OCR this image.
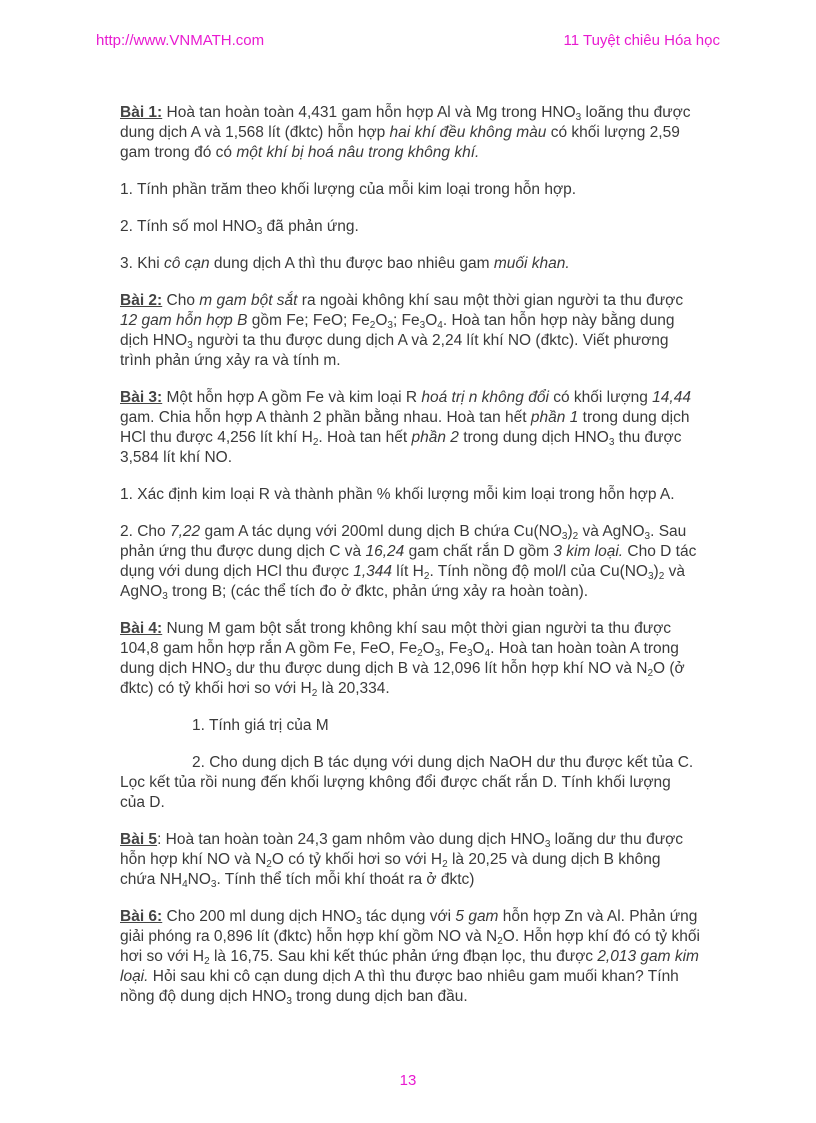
http://www.VNMATH.com	11 Tuyệt chiêu Hóa học

Bài 1: Hoà tan hoàn toàn 4,431 gam hỗn hợp Al và Mg trong $HNO_3$ loãng thu được dung dịch A và 1,568 lít (đktc) hỗn hợp hai khí đều không màu có khối lượng 2,59 gam trong đó có một khí bị hoá nâu trong không khí.

1. Tính phần trăm theo khối lượng của mỗi kim loại trong hỗn hợp.

2. Tính số mol $HNO_3$ đã phản ứng.

3. Khi cô cạn dung dịch A thì thu được bao nhiêu gam muối khan.

Bài 2: Cho m gam bột sắt ra ngoài không khí sau một thời gian người ta thu được 12 gam hỗn hợp B gồm Fe; FeO; $Fe_2O_3$; $Fe_3O_4$. Hoà tan hỗn hợp này bằng dung dịch $HNO_3$ người ta thu được dung dịch A và 2,24 lít khí NO (đktc). Viết phương trình phản ứng xảy ra và tính m.

Bài 3: Một hỗn hợp A gồm Fe và kim loại R hoá trị n không đổi có khối lượng 14,44 gam. Chia hỗn hợp A thành 2 phần bằng nhau. Hoà tan hết phần 1 trong dung dịch HCl thu được 4,256 lít khí $H_2$. Hoà tan hết phần 2 trong dung dịch $HNO_3$ thu được 3,584 lít khí NO.

1. Xác định kim loại R và thành phần % khối lượng mỗi kim loại trong hỗn hợp A.

2. Cho 7,22 gam A tác dụng với 200ml dung dịch B chứa $Cu(NO_3)_2$ và AgNO$_3$. Sau phản ứng thu được dung dịch C và 16,24 gam chất rắn D gồm 3 kim loại. Cho D tác dụng với dung dịch HCl thu được 1,344 lít $H_2$. Tính nồng độ mol/l của $Cu(NO_3)_2$ và AgNO$_3$ trong B; (các thể tích đo ở đktc, phản ứng xảy ra hoàn toàn).

Bài 4: Nung M gam bột sắt trong không khí sau một thời gian người ta thu được 104,8 gam hỗn hợp rắn A gồm Fe, FeO, $Fe_2O_3$, $Fe_3O_4$. Hoà tan hoàn toàn A trong dung dịch $HNO_3$ dư thu được dung dịch B và 12,096 lít hỗn hợp khí NO và $N_2O$ (ở đktc) có tỷ khối hơi so với $H_2$ là 20,334.

1. Tính giá trị của M

2. Cho dung dịch B tác dụng với dung dịch NaOH dư thu được kết tủa C. Lọc kết tủa rồi nung đến khối lượng không đổi được chất rắn D. Tính khối lượng của D.

Bài 5: Hoà tan hoàn toàn 24,3 gam nhôm vào dung dịch $HNO_3$ loãng dư thu được hỗn hợp khí NO và $N_2O$ có tỷ khối hơi so với $H_2$ là 20,25 và dung dịch B không chứa $NH_4NO_3$. Tính thể tích mỗi khí thoát ra ở đktc)

Bài 6: Cho 200 ml dung dịch $HNO_3$ tác dụng với 5 gam hỗn hợp Zn và Al. Phản ứng giải phóng ra 0,896 lít (đktc) hỗn hợp khí gồm NO và $N_2O$. Hỗn hợp khí đó có tỷ khối hơi so với $H_2$ là 16,75. Sau khi kết thúc phản ứng đbạn lọc, thu được 2,013 gam kim loại. Hỏi sau khi cô cạn dung dịch A thì thu được bao nhiêu gam muối khan? Tính nồng độ dung dịch $HNO_3$ trong dung dịch ban đầu.

13
